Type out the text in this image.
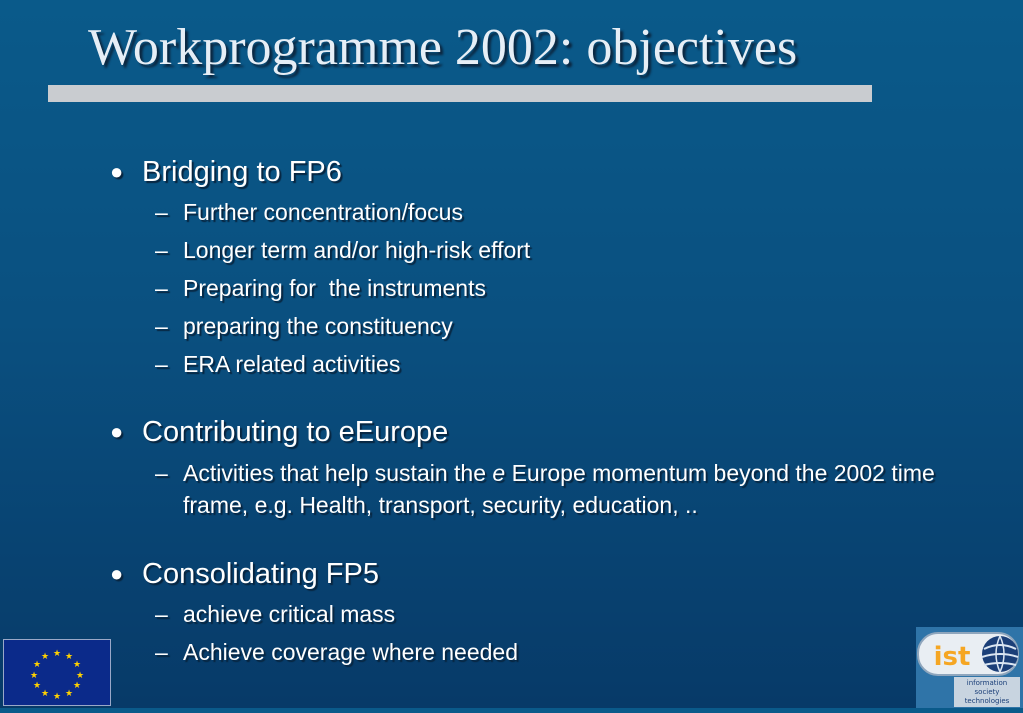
Workprogramme 2002: objectives
● Bridging to FP6
– Further concentration/focus
– Longer term and/or high-risk effort
– Preparing for  the instruments
– preparing the constituency
– ERA related activities
● Contributing to eEurope
– Activities that help sustain the e Europe momentum beyond the 2002 time frame, e.g. Health, transport, security, education, ..
● Consolidating FP5
– achieve critical mass
– Achieve coverage where needed
★ ★
★
★
★
★
★
★
★
★
★
★	ist
information
society
technologies
